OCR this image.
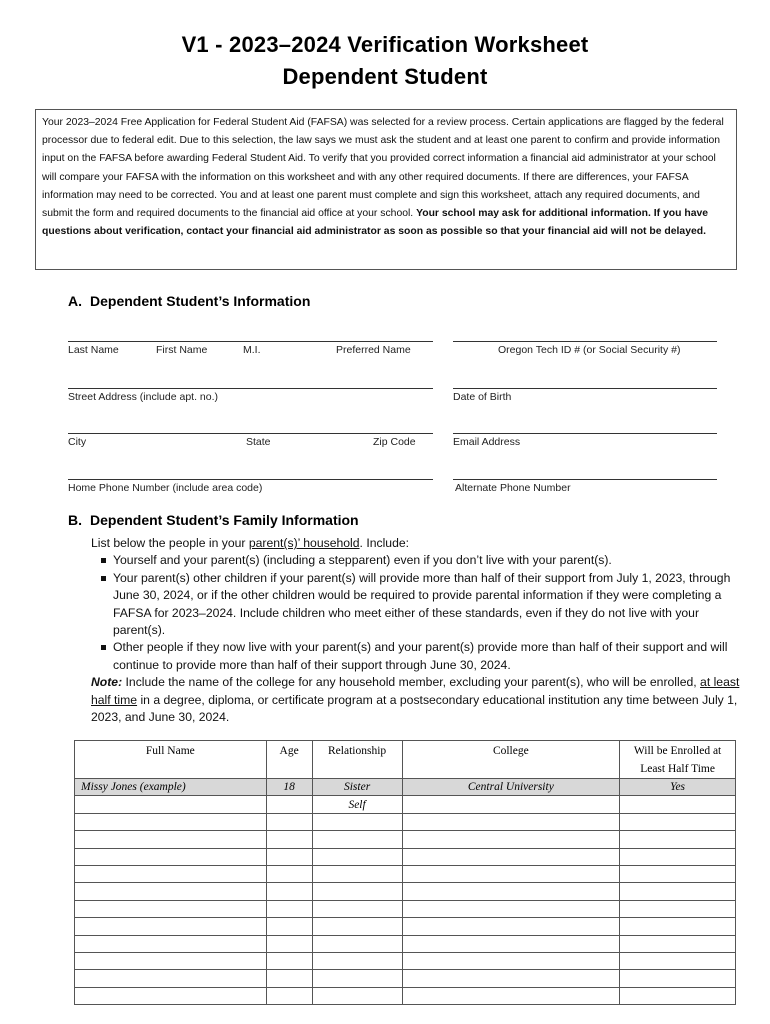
V1 - 2023–2024 Verification Worksheet
Dependent Student
Your 2023–2024 Free Application for Federal Student Aid (FAFSA) was selected for a review process. Certain applications are flagged by the federal processor due to federal edit. Due to this selection, the law says we must ask the student and at least one parent to confirm and provide information input on the FAFSA before awarding Federal Student Aid. To verify that you provided correct information a financial aid administrator at your school will compare your FAFSA with the information on this worksheet and with any other required documents. If there are differences, your FAFSA information may need to be corrected. You and at least one parent must complete and sign this worksheet, attach any required documents, and submit the form and required documents to the financial aid office at your school. Your school may ask for additional information. If you have questions about verification, contact your financial aid administrator as soon as possible so that your financial aid will not be delayed.
A. Dependent Student’s Information
Last Name	First Name	M.I.	Preferred Name	Oregon Tech ID # (or Social Security #)
Street Address (include apt. no.)	Date of Birth
City	State	Zip Code	Email Address
Home Phone Number (include area code)	Alternate Phone Number
B. Dependent Student’s Family Information
List below the people in your parent(s)’ household. Include:
Yourself and your parent(s) (including a stepparent) even if you don’t live with your parent(s).
Your parent(s) other children if your parent(s) will provide more than half of their support from July 1, 2023, through June 30, 2024, or if the other children would be required to provide parental information if they were completing a FAFSA for 2023–2024. Include children who meet either of these standards, even if they do not live with your parent(s).
Other people if they now live with your parent(s) and your parent(s) provide more than half of their support and will continue to provide more than half of their support through June 30, 2024.
Note: Include the name of the college for any household member, excluding your parent(s), who will be enrolled, at least half time in a degree, diploma, or certificate program at a postsecondary educational institution any time between July 1, 2023, and June 30, 2024.
Full Name	Age	Relationship	College	Will be Enrolled at Least Half Time
Missy Jones (example)	18	Sister	Central University	Yes
		Self		
